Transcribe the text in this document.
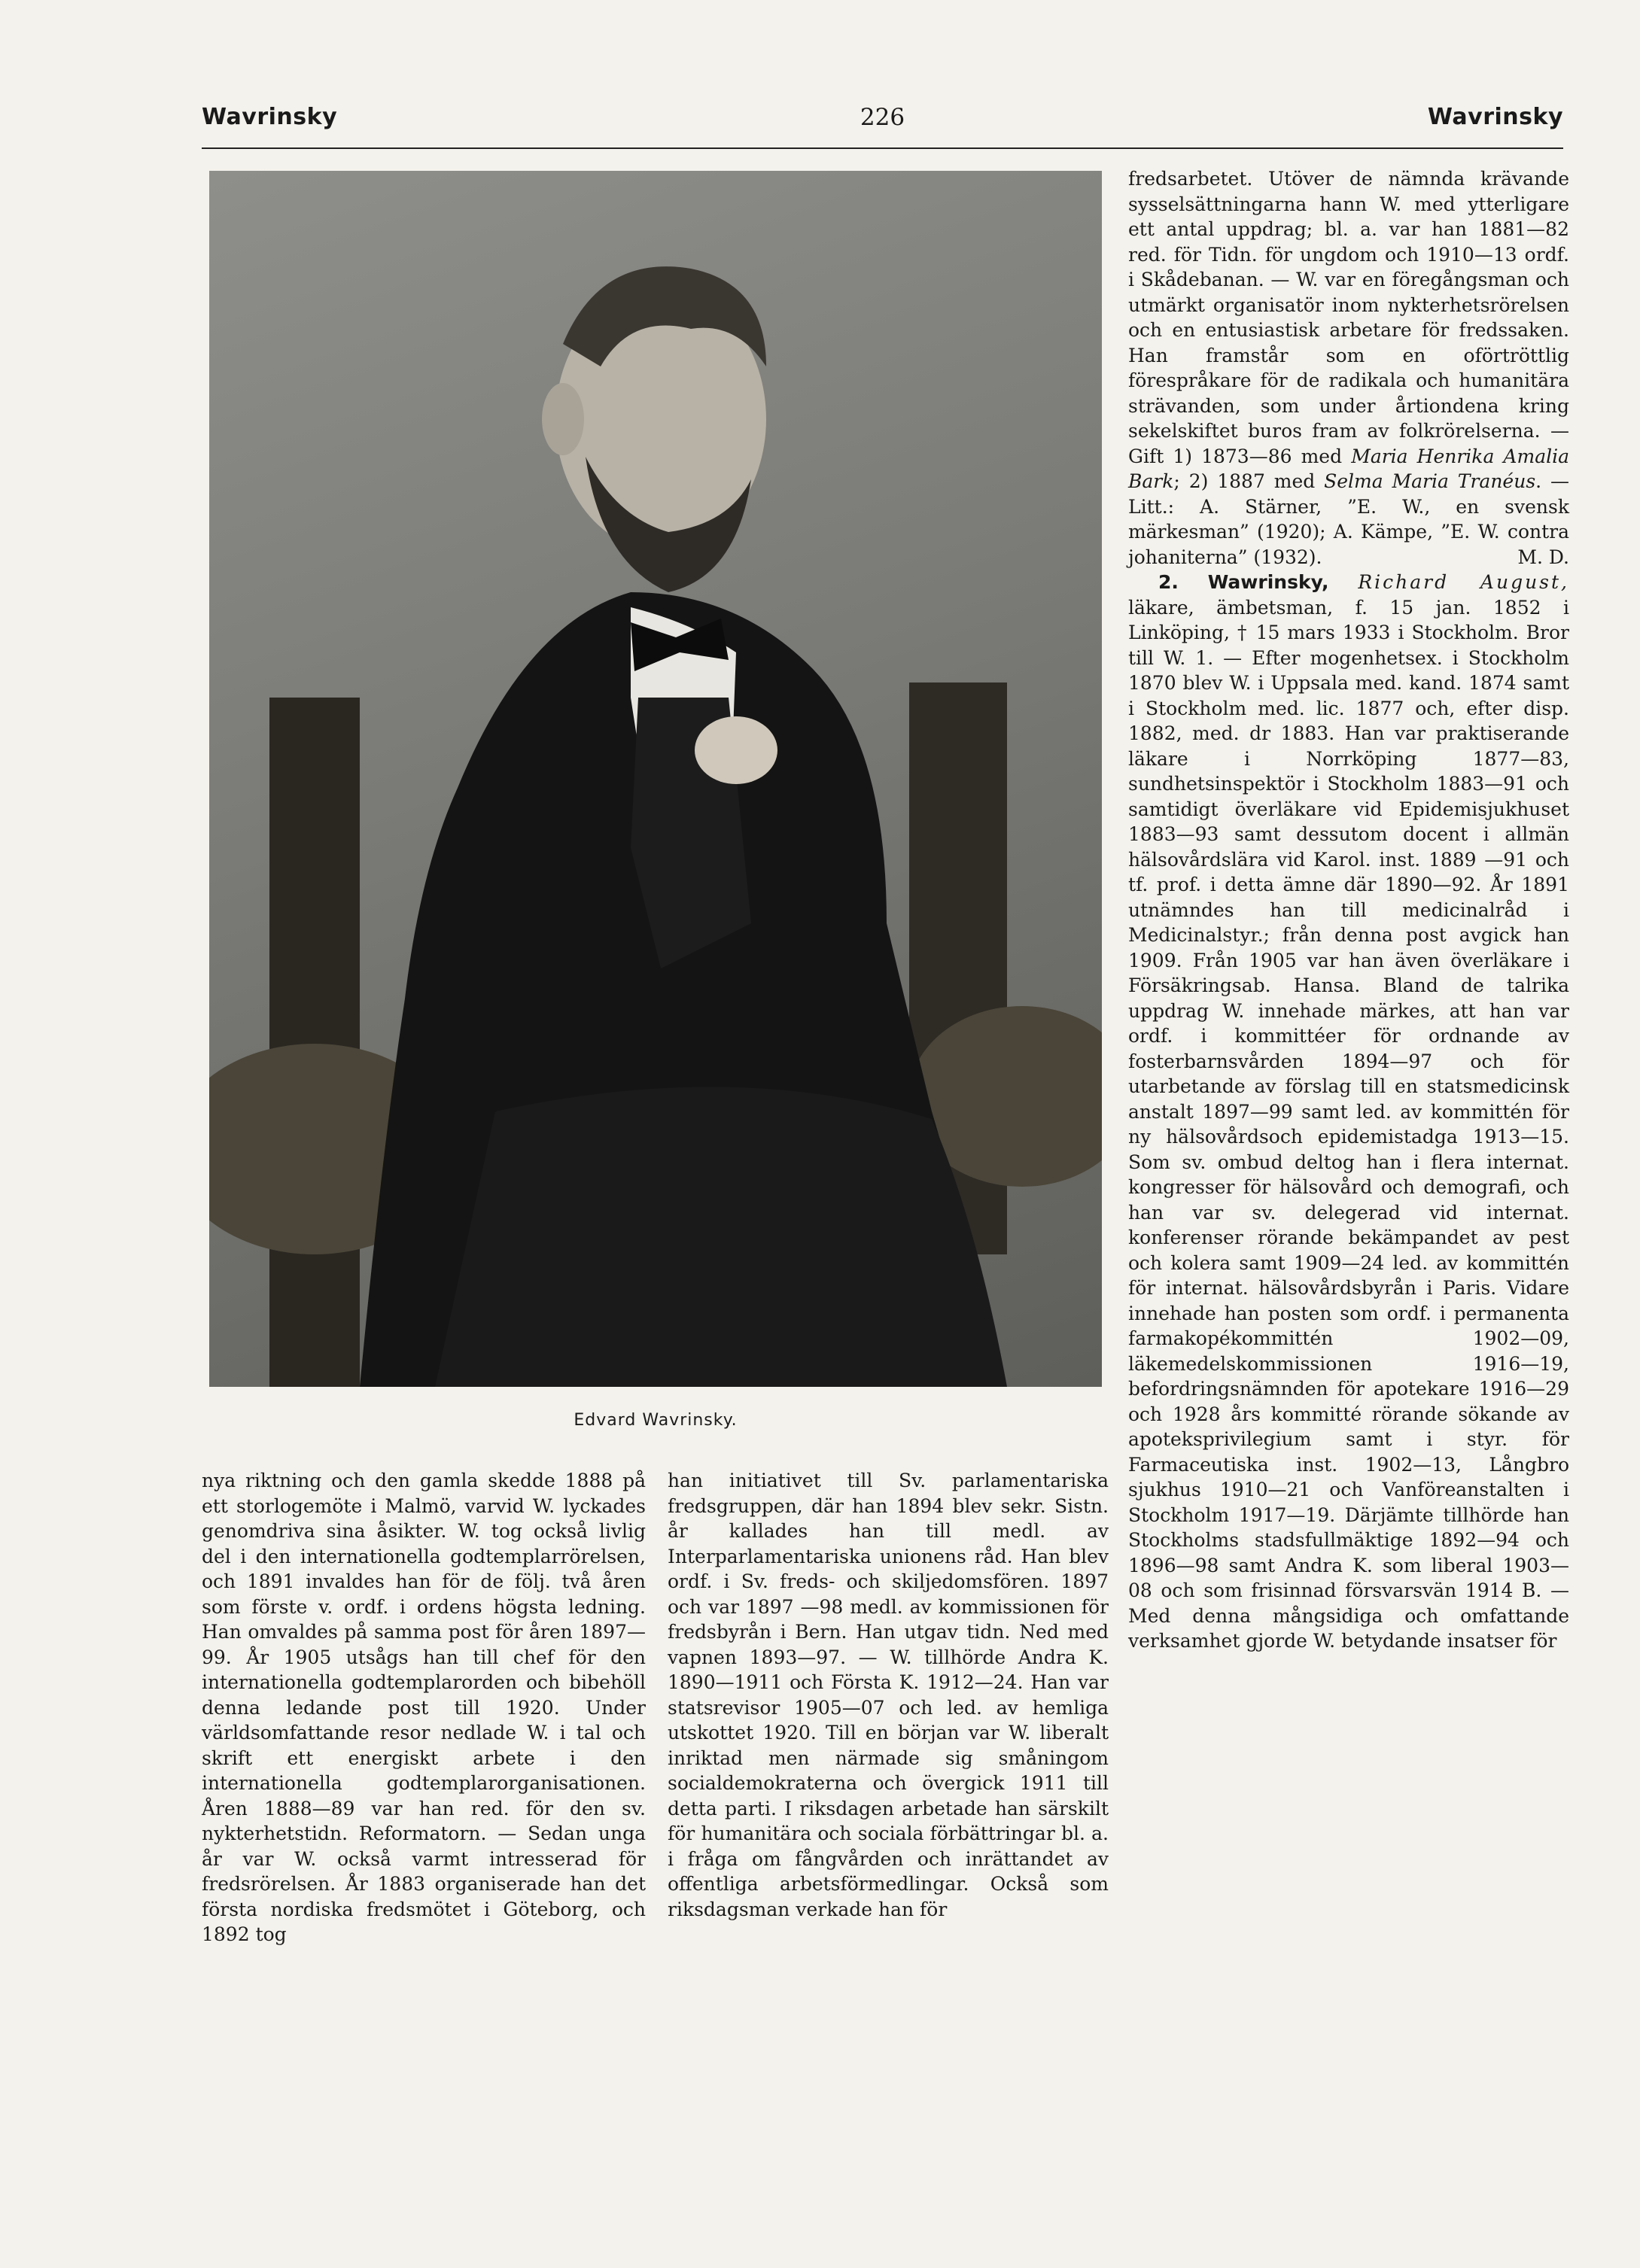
Wavrinsky	226	Wavrinsky
Edvard Wavrinsky.

nya riktning och den gamla skedde 1888 på ett storlogemöte i Malmö, varvid W. lyckades genomdriva sina åsikter. W. tog också livlig del i den internationella godtemplarrörelsen, och 1891 invaldes han för de följ. två åren som förste v. ordf. i ordens högsta ledning. Han omvaldes på samma post för åren 1897—99. År 1905 utsågs han till chef för den internationella godtemplarorden och bibehöll denna ledande post till 1920. Under världsomfattande resor nedlade W. i tal och skrift ett energiskt arbete i den internationella godtemplarorganisationen. Åren 1888—89 var han red. för den sv. nykterhetstidn. Reformatorn. — Sedan unga år var W. också varmt intresserad för fredsrörelsen. År 1883 organiserade han det första nordiska fredsmötet i Göteborg, och 1892 tog

han initiativet till Sv. parlamentariska fredsgruppen, där han 1894 blev sekr. Sistn. år kallades han till medl. av Interparlamentariska unionens råd. Han blev ordf. i Sv. freds- och skiljedomsfören. 1897 och var 1897 —98 medl. av kommissionen för fredsbyrån i Bern. Han utgav tidn. Ned med vapnen 1893—97. — W. tillhörde Andra K. 1890—1911 och Första K. 1912—24. Han var statsrevisor 1905—07 och led. av hemliga utskottet 1920. Till en början var W. liberalt inriktad men närmade sig småningom socialdemokraterna och övergick 1911 till detta parti. I riksdagen arbetade han särskilt för humanitära och sociala förbättringar bl. a. i fråga om fångvården och inrättandet av offentliga arbetsförmedlingar. Också som riksdagsman verkade han för

fredsarbetet. Utöver de nämnda krävande sysselsättningarna hann W. med ytterligare ett antal uppdrag; bl. a. var han 1881—82 red. för Tidn. för ungdom och 1910—13 ordf. i Skådebanan. — W. var en föregångsman och utmärkt organisatör inom nykterhetsrörelsen och en entusiastisk arbetare för fredssaken. Han framstår som en oförtröttlig förespråkare för de radikala och humanitära strävanden, som under årtiondena kring sekelskiftet buros fram av folkrörelserna. — Gift 1) 1873—86 med Maria Henrika Amalia Bark; 2) 1887 med Selma Maria Tranéus. — Litt.: A. Stärner, ”E. W., en svensk märkesman” (1920); A. Kämpe, ”E. W. contra johaniterna” (1932).	M. D.

2. Wawrinsky, Richard August, läkare, ämbetsman, f. 15 jan. 1852 i Linköping, † 15 mars 1933 i Stockholm. Bror till W. 1. — Efter mogenhetsex. i Stockholm 1870 blev W. i Uppsala med. kand. 1874 samt i Stockholm med. lic. 1877 och, efter disp. 1882, med. dr 1883. Han var praktiserande läkare i Norrköping 1877—83, sundhetsinspektör i Stockholm 1883—91 och samtidigt överläkare vid Epidemisjukhuset 1883—93 samt dessutom docent i allmän hälsovårdslära vid Karol. inst. 1889 —91 och tf. prof. i detta ämne där 1890—92. År 1891 utnämndes han till medicinalråd i Medicinalstyr.; från denna post avgick han 1909. Från 1905 var han även överläkare i Försäkringsab. Hansa. Bland de talrika uppdrag W. innehade märkes, att han var ordf. i kommittéer för ordnande av fosterbarnsvården 1894—97 och för utarbetande av förslag till en statsmedicinsk anstalt 1897—99 samt led. av kommittén för ny hälsovårdsoch epidemistadga 1913—15. Som sv. ombud deltog han i flera internat. kongresser för hälsovård och demografi, och han var sv. delegerad vid internat. konferenser rörande bekämpandet av pest och kolera samt 1909—24 led. av kommittén för internat. hälsovårdsbyrån i Paris. Vidare innehade han posten som ordf. i permanenta farmakopékommittén 1902—09, läkemedelskommissionen 1916—19, befordringsnämnden för apotekare 1916—29 och 1928 års kommitté rörande sökande av apoteksprivilegium samt i styr. för Farmaceutiska inst. 1902—13, Långbro sjukhus 1910—21 och Vanföreanstalten i Stockholm 1917—19. Därjämte tillhörde han Stockholms stadsfullmäktige 1892—94 och 1896—98 samt Andra K. som liberal 1903—08 och som frisinnad försvarsvän 1914 B. — Med denna mångsidiga och omfattande verksamhet gjorde W. betydande insatser för
